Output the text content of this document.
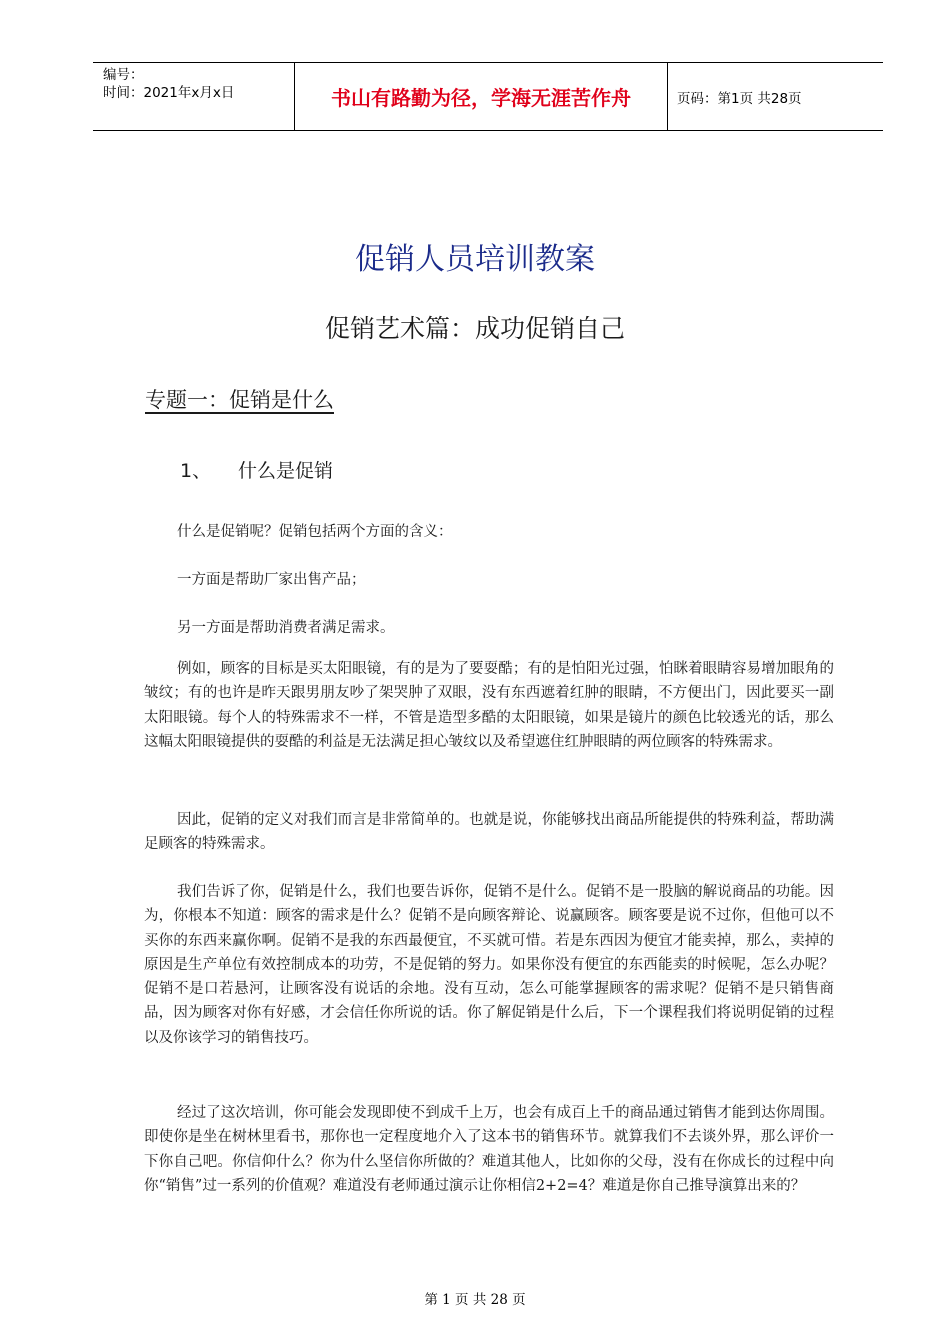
编号：
时间：2021年x月x日	书山有路勤为径，学海无涯苦作舟	页码：第1页 共28页
促销人员培训教案
促销艺术篇：成功促销自己
专题一：促销是什么
1、 什么是促销
什么是促销呢？促销包括两个方面的含义：
一方面是帮助厂家出售产品；
另一方面是帮助消费者满足需求。
例如，顾客的目标是买太阳眼镜，有的是为了要耍酷；有的是怕阳光过强，怕眯着眼睛容易增加眼角的皱纹；有的也许是昨天跟男朋友吵了架哭肿了双眼，没有东西遮着红肿的眼睛，不方便出门，因此要买一副太阳眼镜。每个人的特殊需求不一样，不管是造型多酷的太阳眼镜，如果是镜片的颜色比较透光的话，那么这幅太阳眼镜提供的耍酷的利益是无法满足担心皱纹以及希望遮住红肿眼睛的两位顾客的特殊需求。
因此，促销的定义对我们而言是非常简单的。也就是说，你能够找出商品所能提供的特殊利益，帮助满足顾客的特殊需求。
我们告诉了你，促销是什么，我们也要告诉你，促销不是什么。促销不是一股脑的解说商品的功能。因为，你根本不知道：顾客的需求是什么？促销不是向顾客辩论、说赢顾客。顾客要是说不过你，但他可以不买你的东西来赢你啊。促销不是我的东西最便宜，不买就可惜。若是东西因为便宜才能卖掉，那么，卖掉的原因是生产单位有效控制成本的功劳，不是促销的努力。如果你没有便宜的东西能卖的时候呢，怎么办呢？促销不是口若悬河，让顾客没有说话的余地。没有互动，怎么可能掌握顾客的需求呢？促销不是只销售商品，因为顾客对你有好感，才会信任你所说的话。你了解促销是什么后，下一个课程我们将说明促销的过程以及你该学习的销售技巧。
经过了这次培训，你可能会发现即使不到成千上万，也会有成百上千的商品通过销售才能到达你周围。即使你是坐在树林里看书，那你也一定程度地介入了这本书的销售环节。就算我们不去谈外界，那么评价一下你自己吧。你信仰什么？你为什么坚信你所做的？难道其他人，比如你的父母，没有在你成长的过程中向你“销售”过一系列的价值观？难道没有老师通过演示让你相信2+2=4？难道是你自己推导演算出来的？
第 1 页 共 28 页
